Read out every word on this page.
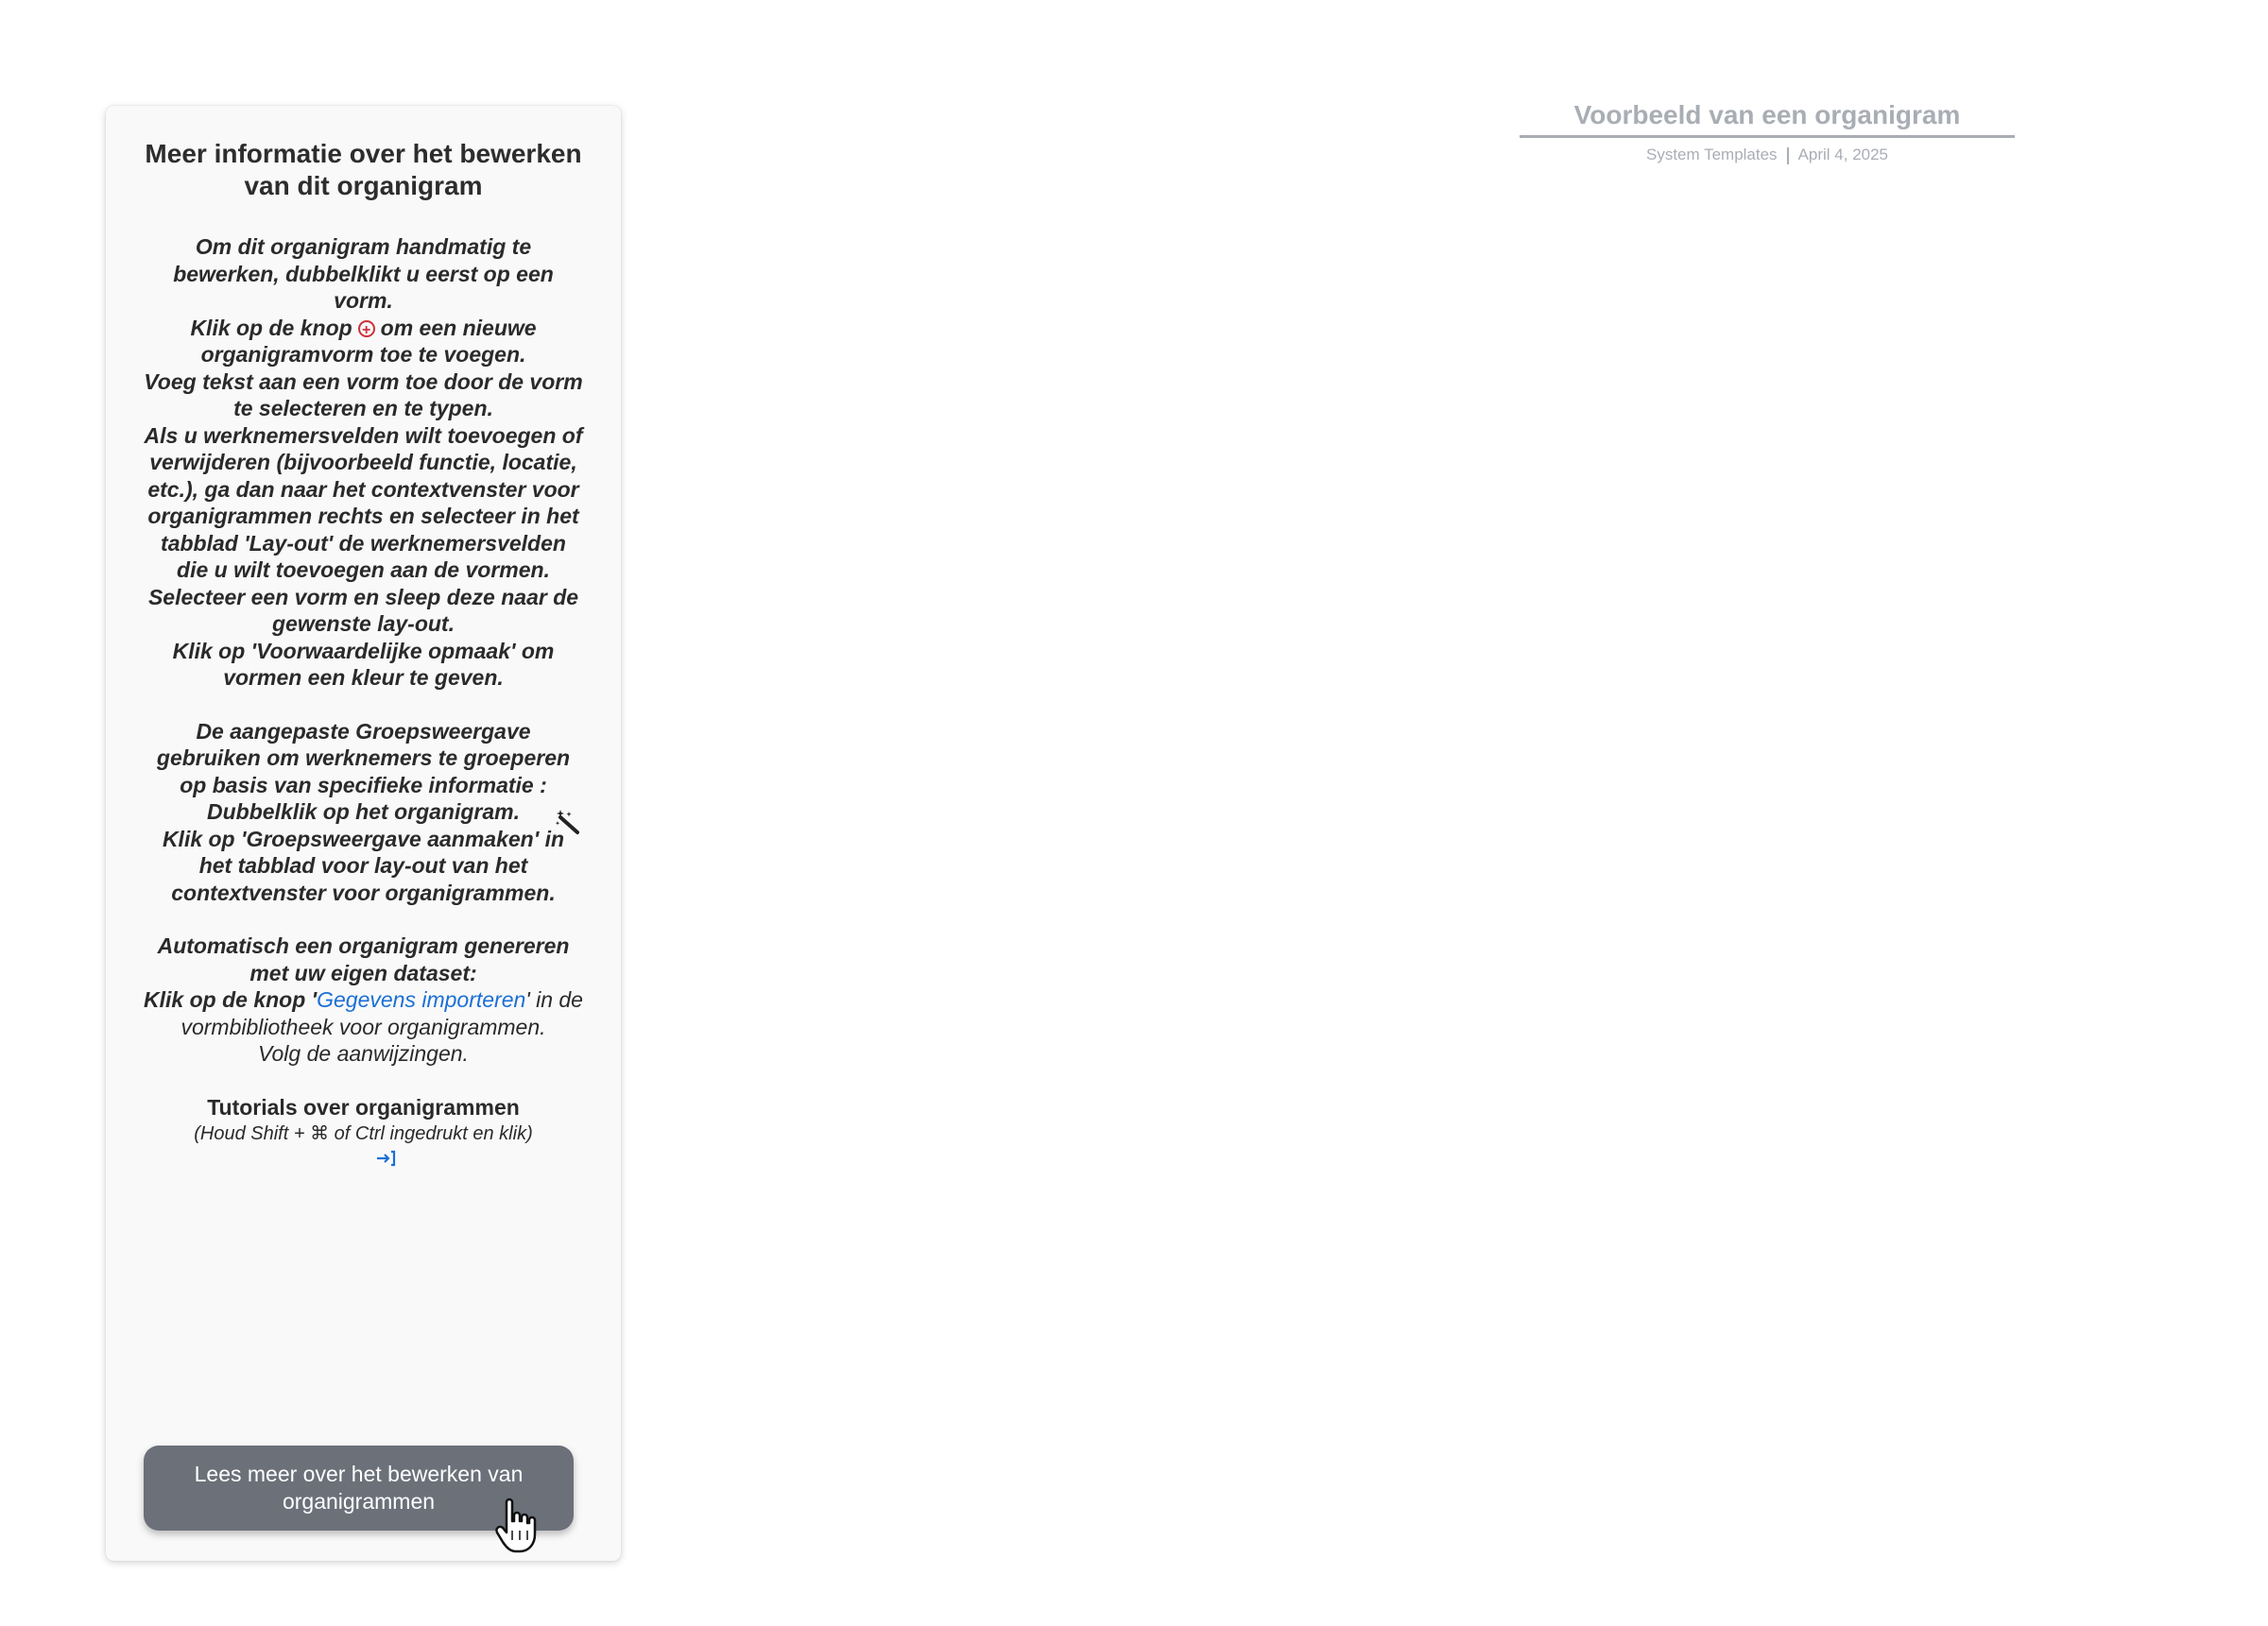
Meer informatie over het bewerken van dit organigram
Om dit organigram handmatig te bewerken, dubbelklikt u eerst op een vorm.
Klik op de knop + om een nieuwe organigramvorm toe te voegen.
Voeg tekst aan een vorm toe door de vorm te selecteren en te typen.
Als u werknemersvelden wilt toevoegen of verwijderen (bijvoorbeeld functie, locatie, etc.), ga dan naar het contextvenster voor organigrammen rechts en selecteer in het tabblad 'Lay-out' de werknemersvelden die u wilt toevoegen aan de vormen.
Selecteer een vorm en sleep deze naar de gewenste lay-out.
Klik op 'Voorwaardelijke opmaak' om vormen een kleur te geven.
De aangepaste Groepsweergave gebruiken om werknemers te groeperen op basis van specifieke informatie :
Dubbelklik op het organigram.
Klik op 'Groepsweergave aanmaken' in het tabblad voor lay-out van het contextvenster voor organigrammen.
Automatisch een organigram genereren met uw eigen dataset:
Klik op de knop 'Gegevens importeren' in de vormbibliotheek voor organigrammen.
Volg de aanwijzingen.
Tutorials over organigrammen
(Houd Shift + ⌘ of Ctrl ingedrukt en klik)
Lees meer over het bewerken van organigrammen
Voorbeeld van een organigram
System Templates April 4, 2025
